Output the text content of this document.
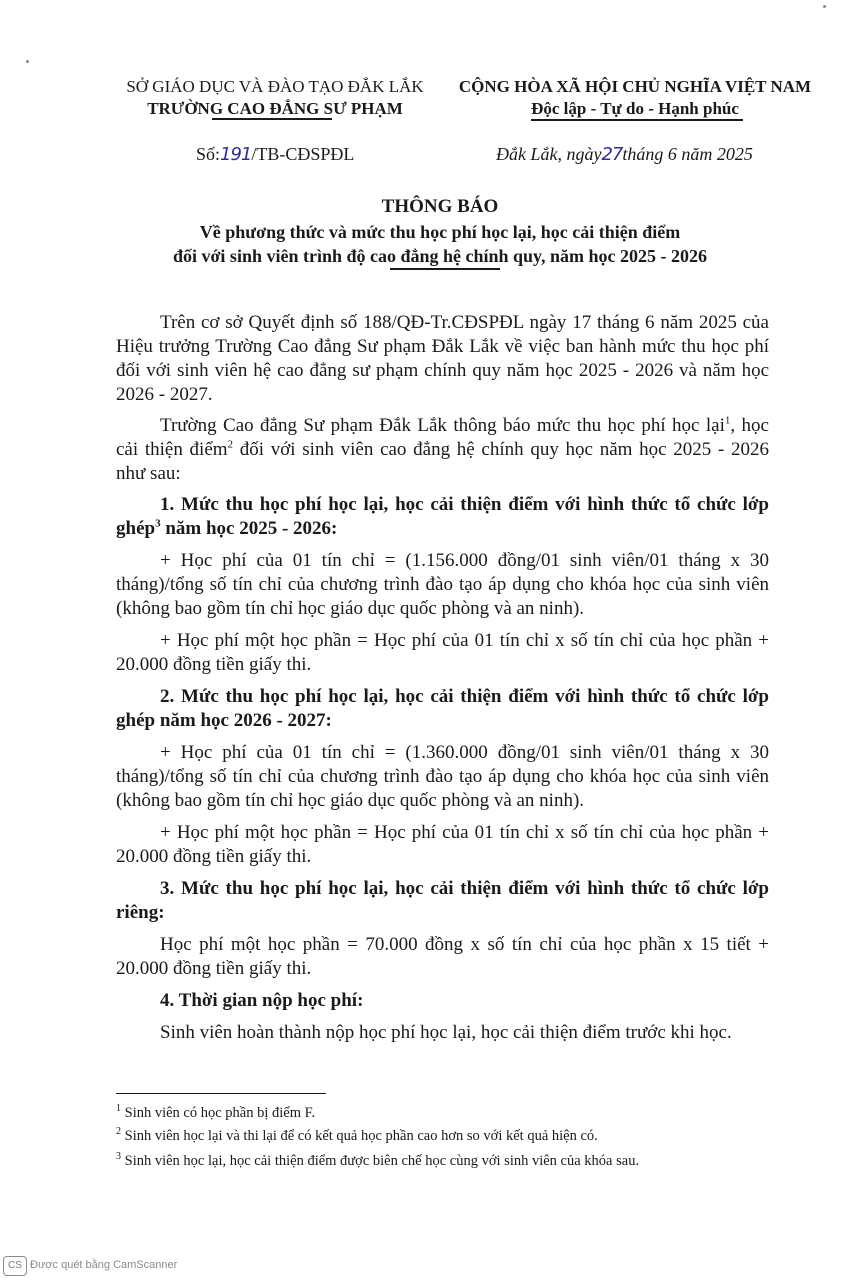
SỞ GIÁO DỤC VÀ ĐÀO TẠO ĐẮK LẮK
TRƯỜNG CAO ĐẲNG SƯ PHẠM
CỘNG HÒA XÃ HỘI CHỦ NGHĨA VIỆT NAM
Độc lập - Tự do - Hạnh phúc
Số:191/TB-CĐSPĐL	Đắk Lắk, ngày27tháng 6 năm 2025
THÔNG BÁO
Về phương thức và mức thu học phí học lại, học cải thiện điểm
đối với sinh viên trình độ cao đẳng hệ chính quy, năm học 2025 - 2026

Trên cơ sở Quyết định số 188/QĐ-Tr.CĐSPĐL ngày 17 tháng 6 năm 2025 của Hiệu trưởng Trường Cao đẳng Sư phạm Đắk Lắk về việc ban hành mức thu học phí đối với sinh viên hệ cao đẳng sư phạm chính quy năm học 2025 - 2026 và năm học 2026 - 2027.

Trường Cao đẳng Sư phạm Đắk Lắk thông báo mức thu học phí học lại$^1$, học cải thiện điểm$^2$ đối với sinh viên cao đẳng hệ chính quy học năm học 2025 - 2026 như sau:

1. Mức thu học phí học lại, học cải thiện điểm với hình thức tổ chức lớp ghép$^3$ năm học 2025 - 2026:

+ Học phí của 01 tín chỉ = (1.156.000 đồng/01 sinh viên/01 tháng x 30 tháng)/tổng số tín chỉ của chương trình đào tạo áp dụng cho khóa học của sinh viên (không bao gồm tín chỉ học giáo dục quốc phòng và an ninh).

+ Học phí một học phần = Học phí của 01 tín chỉ x số tín chỉ của học phần + 20.000 đồng tiền giấy thi.

2. Mức thu học phí học lại, học cải thiện điểm với hình thức tổ chức lớp ghép năm học 2026 - 2027:

+ Học phí của 01 tín chỉ = (1.360.000 đồng/01 sinh viên/01 tháng x 30 tháng)/tổng số tín chỉ của chương trình đào tạo áp dụng cho khóa học của sinh viên (không bao gồm tín chỉ học giáo dục quốc phòng và an ninh).

+ Học phí một học phần = Học phí của 01 tín chỉ x số tín chỉ của học phần + 20.000 đồng tiền giấy thi.

3. Mức thu học phí học lại, học cải thiện điểm với hình thức tổ chức lớp riêng:

Học phí một học phần = 70.000 đồng x số tín chỉ của học phần x 15 tiết + 20.000 đồng tiền giấy thi.

4. Thời gian nộp học phí:

Sinh viên hoàn thành nộp học phí học lại, học cải thiện điểm trước khi học.

$^1$ Sinh viên có học phần bị điểm F.
$^2$ Sinh viên học lại và thi lại để có kết quả học phần cao hơn so với kết quả hiện có.
$^3$ Sinh viên học lại, học cải thiện điểm được biên chế học cùng với sinh viên của khóa sau.
CS Được quét bằng CamScanner
